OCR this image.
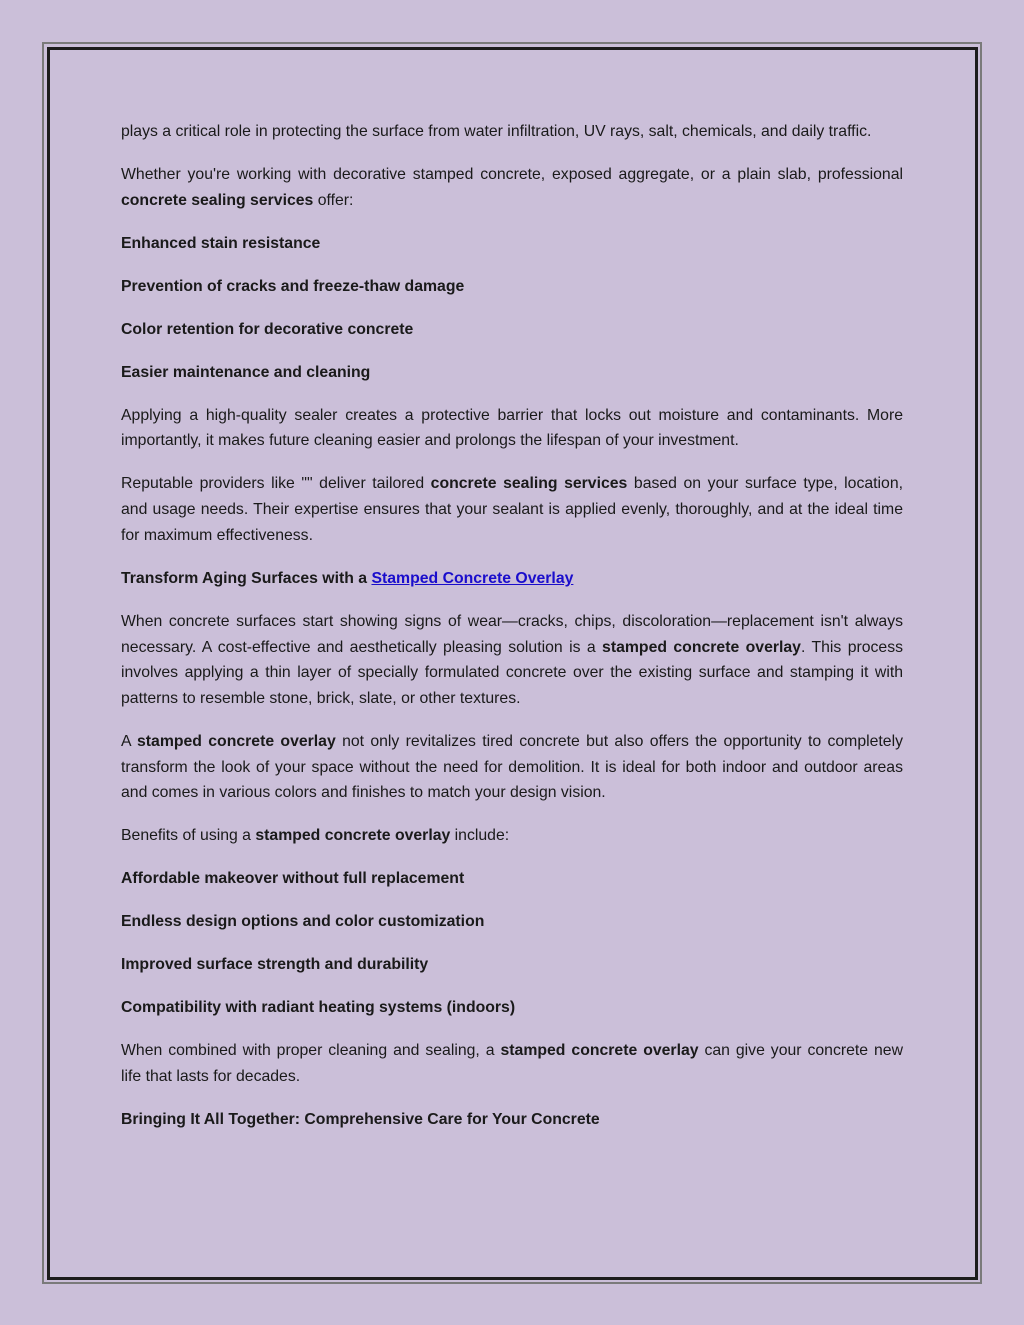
plays a critical role in protecting the surface from water infiltration, UV rays, salt, chemicals, and daily traffic.

Whether you're working with decorative stamped concrete, exposed aggregate, or a plain slab, professional concrete sealing services offer:

Enhanced stain resistance

Prevention of cracks and freeze-thaw damage

Color retention for decorative concrete

Easier maintenance and cleaning

Applying a high-quality sealer creates a protective barrier that locks out moisture and contaminants. More importantly, it makes future cleaning easier and prolongs the lifespan of your investment.

Reputable providers like "" deliver tailored concrete sealing services based on your surface type, location, and usage needs. Their expertise ensures that your sealant is applied evenly, thoroughly, and at the ideal time for maximum effectiveness.

Transform Aging Surfaces with a Stamped Concrete Overlay

When concrete surfaces start showing signs of wear—cracks, chips, discoloration—replacement isn't always necessary. A cost-effective and aesthetically pleasing solution is a stamped concrete overlay. This process involves applying a thin layer of specially formulated concrete over the existing surface and stamping it with patterns to resemble stone, brick, slate, or other textures.

A stamped concrete overlay not only revitalizes tired concrete but also offers the opportunity to completely transform the look of your space without the need for demolition. It is ideal for both indoor and outdoor areas and comes in various colors and finishes to match your design vision.

Benefits of using a stamped concrete overlay include:

Affordable makeover without full replacement

Endless design options and color customization

Improved surface strength and durability

Compatibility with radiant heating systems (indoors)

When combined with proper cleaning and sealing, a stamped concrete overlay can give your concrete new life that lasts for decades.

Bringing It All Together: Comprehensive Care for Your Concrete
